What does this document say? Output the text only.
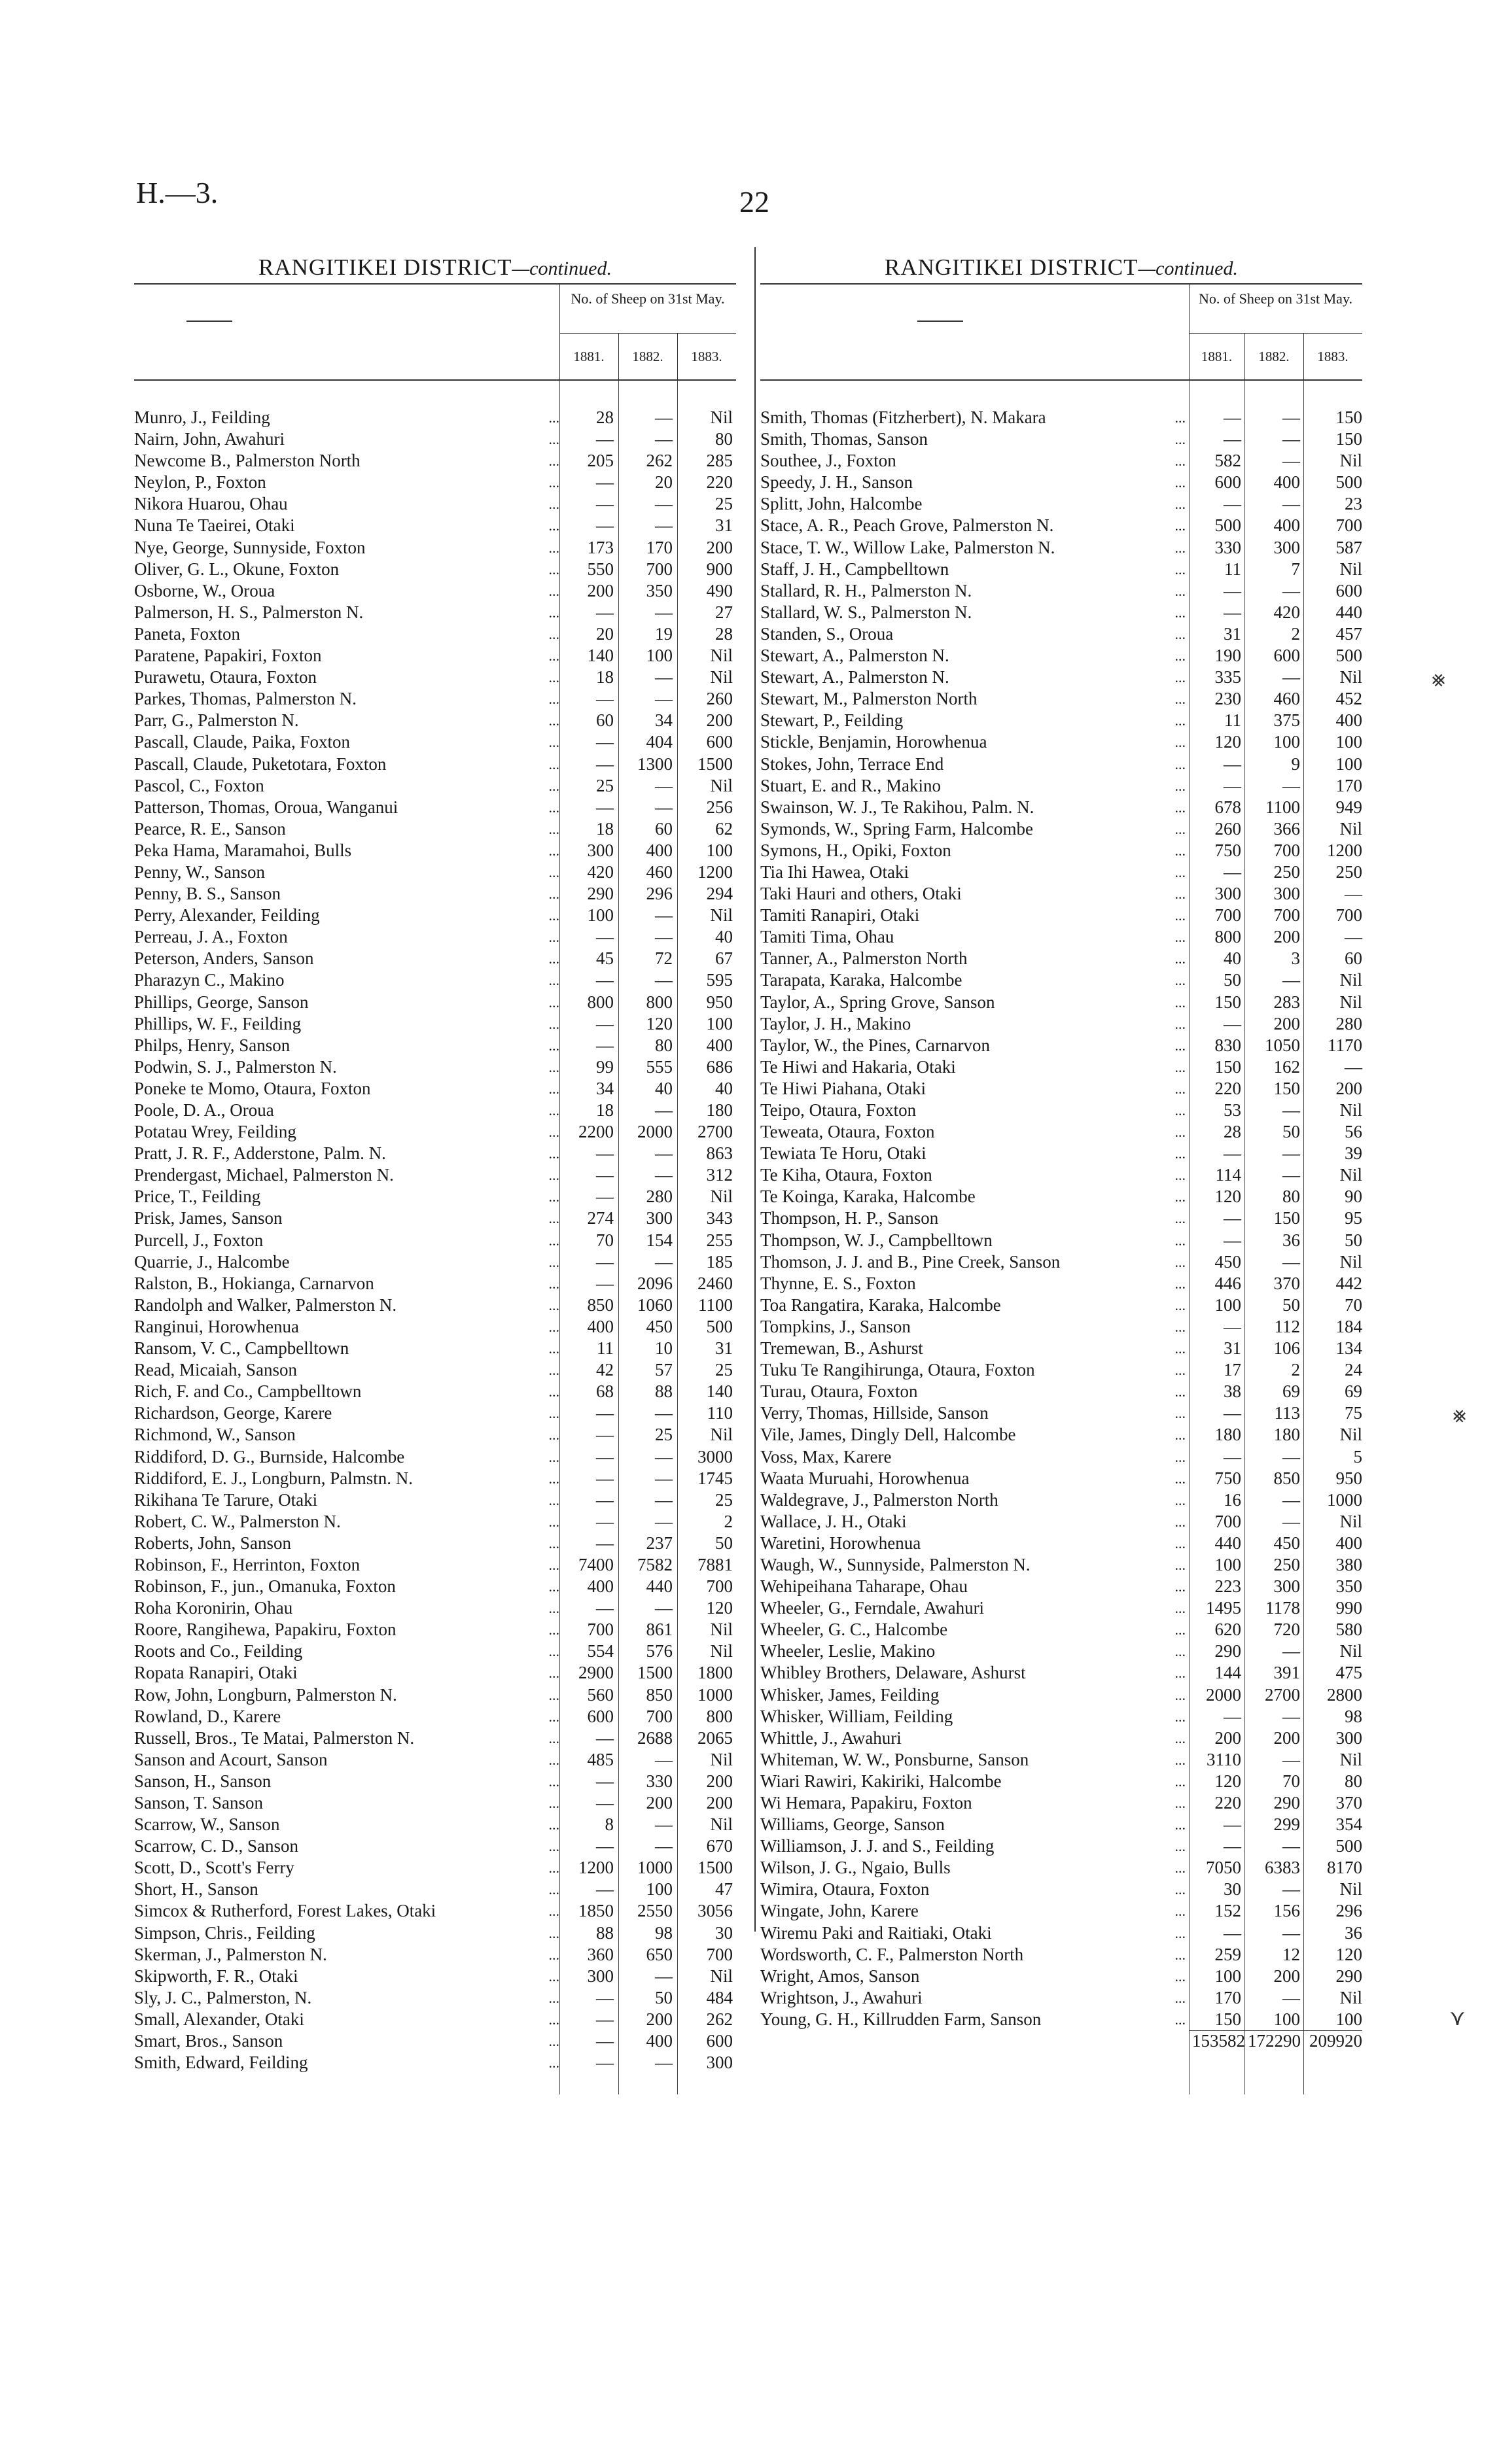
H.—3.	22
⨳
⨳
⋎
RANGITIKEI DISTRICT—continued.
No. of Sheep on 31st May.
1881.	1882.	1883.
Munro, J., Feilding	...	28	—	Nil
Nairn, John, Awahuri	...	—	—	80
Newcome B., Palmerston North	...	205	262	285
Neylon, P., Foxton	...	—	20	220
Nikora Huarou, Ohau	...	—	—	25
Nuna Te Taeirei, Otaki	...	—	—	31
Nye, George, Sunnyside, Foxton	...	173	170	200
Oliver, G. L., Okune, Foxton	...	550	700	900
Osborne, W., Oroua	...	200	350	490
Palmerson, H. S., Palmerston N.	...	—	—	27
Paneta, Foxton	...	20	19	28
Paratene, Papakiri, Foxton	...	140	100	Nil
Purawetu, Otaura, Foxton	...	18	—	Nil
Parkes, Thomas, Palmerston N.	...	—	—	260
Parr, G., Palmerston N.	...	60	34	200
Pascall, Claude, Paika, Foxton	...	—	404	600
Pascall, Claude, Puketotara, Foxton	...	—	1300	1500
Pascol, C., Foxton	...	25	—	Nil
Patterson, Thomas, Oroua, Wanganui	...	—	—	256
Pearce, R. E., Sanson	...	18	60	62
Peka Hama, Maramahoi, Bulls	...	300	400	100
Penny, W., Sanson	...	420	460	1200
Penny, B. S., Sanson	...	290	296	294
Perry, Alexander, Feilding	...	100	—	Nil
Perreau, J. A., Foxton	...	—	—	40
Peterson, Anders, Sanson	...	45	72	67
Pharazyn C., Makino	...	—	—	595
Phillips, George, Sanson	...	800	800	950
Phillips, W. F., Feilding	...	—	120	100
Philps, Henry, Sanson	...	—	80	400
Podwin, S. J., Palmerston N.	...	99	555	686
Poneke te Momo, Otaura, Foxton	...	34	40	40
Poole, D. A., Oroua	...	18	—	180
Potatau Wrey, Feilding	...	2200	2000	2700
Pratt, J. R. F., Adderstone, Palm. N.	...	—	—	863
Prendergast, Michael, Palmerston N.	...	—	—	312
Price, T., Feilding	...	—	280	Nil
Prisk, James, Sanson	...	274	300	343
Purcell, J., Foxton	...	70	154	255
Quarrie, J., Halcombe	...	—	—	185
Ralston, B., Hokianga, Carnarvon	...	—	2096	2460
Randolph and Walker, Palmerston N.	...	850	1060	1100
Ranginui, Horowhenua	...	400	450	500
Ransom, V. C., Campbelltown	...	11	10	31
Read, Micaiah, Sanson	...	42	57	25
Rich, F. and Co., Campbelltown	...	68	88	140
Richardson, George, Karere	...	—	—	110
Richmond, W., Sanson	...	—	25	Nil
Riddiford, D. G., Burnside, Halcombe	...	—	—	3000
Riddiford, E. J., Longburn, Palmstn. N.	...	—	—	1745
Rikihana Te Tarure, Otaki	...	—	—	25
Robert, C. W., Palmerston N.	...	—	—	2
Roberts, John, Sanson	...	—	237	50
Robinson, F., Herrinton, Foxton	...	7400	7582	7881
Robinson, F., jun., Omanuka, Foxton	...	400	440	700
Roha Koronirin, Ohau	...	—	—	120
Roore, Rangihewa, Papakiru, Foxton	...	700	861	Nil
Roots and Co., Feilding	...	554	576	Nil
Ropata Ranapiri, Otaki	...	2900	1500	1800
Row, John, Longburn, Palmerston N.	...	560	850	1000
Rowland, D., Karere	...	600	700	800
Russell, Bros., Te Matai, Palmerston N.	...	—	2688	2065
Sanson and Acourt, Sanson	...	485	—	Nil
Sanson, H., Sanson	...	—	330	200
Sanson, T. Sanson	...	—	200	200
Scarrow, W., Sanson	...	8	—	Nil
Scarrow, C. D., Sanson	...	—	—	670
Scott, D., Scott's Ferry	...	1200	1000	1500
Short, H., Sanson	...	—	100	47
Simcox & Rutherford, Forest Lakes, Otaki	...	1850	2550	3056
Simpson, Chris., Feilding	...	88	98	30
Skerman, J., Palmerston N.	...	360	650	700
Skipworth, F. R., Otaki	...	300	—	Nil
Sly, J. C., Palmerston, N.	...	—	50	484
Small, Alexander, Otaki	...	—	200	262
Smart, Bros., Sanson	...	—	400	600
Smith, Edward, Feilding	...	—	—	300
RANGITIKEI DISTRICT—continued.
No. of Sheep on 31st May.
1881.	1882.	1883.
Smith, Thomas (Fitzherbert), N. Makara	...	—	—	150
Smith, Thomas, Sanson	...	—	—	150
Southee, J., Foxton	...	582	—	Nil
Speedy, J. H., Sanson	...	600	400	500
Splitt, John, Halcombe	...	—	—	23
Stace, A. R., Peach Grove, Palmerston N.	...	500	400	700
Stace, T. W., Willow Lake, Palmerston N.	...	330	300	587
Staff, J. H., Campbelltown	...	11	7	Nil
Stallard, R. H., Palmerston N.	...	—	—	600
Stallard, W. S., Palmerston N.	...	—	420	440
Standen, S., Oroua	...	31	2	457
Stewart, A., Palmerston N.	...	190	600	500
Stewart, A., Palmerston N.	...	335	—	Nil
Stewart, M., Palmerston North	...	230	460	452
Stewart, P., Feilding	...	11	375	400
Stickle, Benjamin, Horowhenua	...	120	100	100
Stokes, John, Terrace End	...	—	9	100
Stuart, E. and R., Makino	...	—	—	170
Swainson, W. J., Te Rakihou, Palm. N.	...	678	1100	949
Symonds, W., Spring Farm, Halcombe	...	260	366	Nil
Symons, H., Opiki, Foxton	...	750	700	1200
Tia Ihi Hawea, Otaki	...	—	250	250
Taki Hauri and others, Otaki	...	300	300	—
Tamiti Ranapiri, Otaki	...	700	700	700
Tamiti Tima, Ohau	...	800	200	—
Tanner, A., Palmerston North	...	40	3	60
Tarapata, Karaka, Halcombe	...	50	—	Nil
Taylor, A., Spring Grove, Sanson	...	150	283	Nil
Taylor, J. H., Makino	...	—	200	280
Taylor, W., the Pines, Carnarvon	...	830	1050	1170
Te Hiwi and Hakaria, Otaki	...	150	162	—
Te Hiwi Piahana, Otaki	...	220	150	200
Teipo, Otaura, Foxton	...	53	—	Nil
Teweata, Otaura, Foxton	...	28	50	56
Tewiata Te Horu, Otaki	...	—	—	39
Te Kiha, Otaura, Foxton	...	114	—	Nil
Te Koinga, Karaka, Halcombe	...	120	80	90
Thompson, H. P., Sanson	...	—	150	95
Thompson, W. J., Campbelltown	...	—	36	50
Thomson, J. J. and B., Pine Creek, Sanson	...	450	—	Nil
Thynne, E. S., Foxton	...	446	370	442
Toa Rangatira, Karaka, Halcombe	...	100	50	70
Tompkins, J., Sanson	...	—	112	184
Tremewan, B., Ashurst	...	31	106	134
Tuku Te Rangihirunga, Otaura, Foxton	...	17	2	24
Turau, Otaura, Foxton	...	38	69	69
Verry, Thomas, Hillside, Sanson	...	—	113	75
Vile, James, Dingly Dell, Halcombe	...	180	180	Nil
Voss, Max, Karere	...	—	—	5
Waata Muruahi, Horowhenua	...	750	850	950
Waldegrave, J., Palmerston North	...	16	—	1000
Wallace, J. H., Otaki	...	700	—	Nil
Waretini, Horowhenua	...	440	450	400
Waugh, W., Sunnyside, Palmerston N.	...	100	250	380
Wehipeihana Taharape, Ohau	...	223	300	350
Wheeler, G., Ferndale, Awahuri	...	1495	1178	990
Wheeler, G. C., Halcombe	...	620	720	580
Wheeler, Leslie, Makino	...	290	—	Nil
Whibley Brothers, Delaware, Ashurst	...	144	391	475
Whisker, James, Feilding	...	2000	2700	2800
Whisker, William, Feilding	...	—	—	98
Whittle, J., Awahuri	...	200	200	300
Whiteman, W. W., Ponsburne, Sanson	...	3110	—	Nil
Wiari Rawiri, Kakiriki, Halcombe	...	120	70	80
Wi Hemara, Papakiru, Foxton	...	220	290	370
Williams, George, Sanson	...	—	299	354
Williamson, J. J. and S., Feilding	...	—	—	500
Wilson, J. G., Ngaio, Bulls	...	7050	6383	8170
Wimira, Otaura, Foxton	...	30	—	Nil
Wingate, John, Karere	...	152	156	296
Wiremu Paki and Raitiaki, Otaki	...	—	—	36
Wordsworth, C. F., Palmerston North	...	259	12	120
Wright, Amos, Sanson	...	100	200	290
Wrightson, J., Awahuri	...	170	—	Nil
Young, G. H., Killrudden Farm, Sanson	...	150	100	100
153582 172290 209920
